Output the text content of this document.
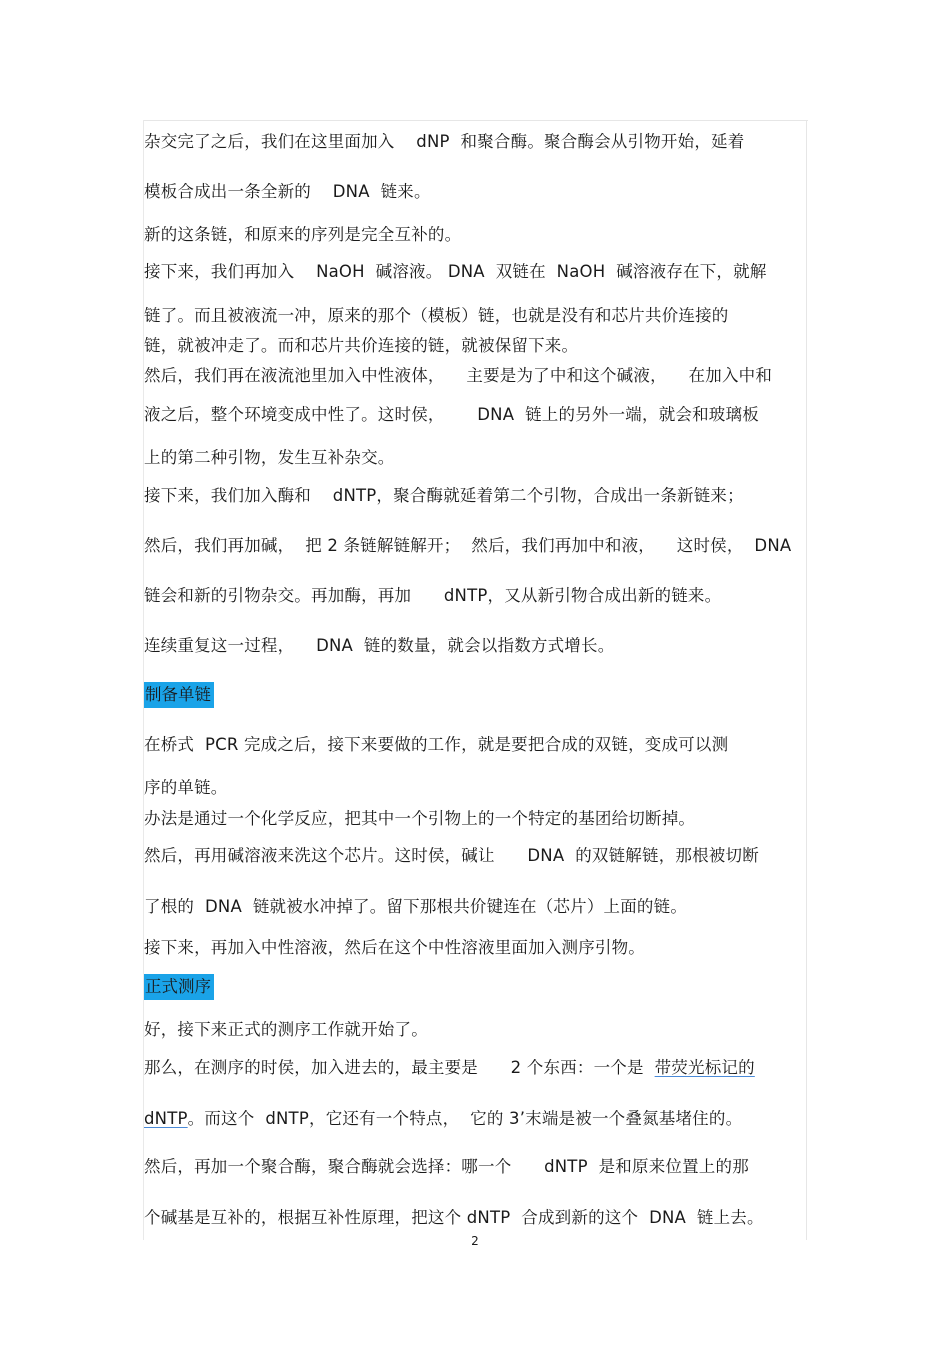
杂交完了之后，我们在这里面加入    dNP  和聚合酶。聚合酶会从引物开始，延着
模板合成出一条全新的    DNA  链来。
新的这条链，和原来的序列是完全互补的。
接下来，我们再加入    NaOH  碱溶液。 DNA  双链在  NaOH  碱溶液存在下，就解
链了。而且被液流一冲，原来的那个（模板）链，也就是没有和芯片共价连接的
链，就被冲走了。而和芯片共价连接的链，就被保留下来。
然后，我们再在液流池里加入中性液体，    主要是为了中和这个碱液，    在加入中和
液之后，整个环境变成中性了。这时侯，      DNA  链上的另外一端，就会和玻璃板
上的第二种引物，发生互补杂交。
接下来，我们加入酶和    dNTP，聚合酶就延着第二个引物，合成出一条新链来；
然后，我们再加碱，  把 2 条链解链解开；  然后，我们再加中和液，    这时侯，  DNA
链会和新的引物杂交。再加酶，再加      dNTP，又从新引物合成出新的链来。
连续重复这一过程，    DNA  链的数量，就会以指数方式增长。
制备单链
在桥式  PCR 完成之后，接下来要做的工作，就是要把合成的双链，变成可以测
序的单链。
办法是通过一个化学反应，把其中一个引物上的一个特定的基团给切断掉。
然后，再用碱溶液来洗这个芯片。这时侯，碱让      DNA  的双链解链，那根被切断
了根的  DNA  链就被水冲掉了。留下那根共价键连在（芯片）上面的链。
接下来，再加入中性溶液，然后在这个中性溶液里面加入测序引物。
正式测序
好，接下来正式的测序工作就开始了。
那么，在测序的时侯，加入进去的，最主要是      2 个东西：一个是  带荧光标记的
dNTP。而这个  dNTP，它还有一个特点，  它的 3’末端是被一个叠氮基堵住的。
然后，再加一个聚合酶，聚合酶就会选择：哪一个      dNTP  是和原来位置上的那
个碱基是互补的，根据互补性原理，把这个 dNTP  合成到新的这个  DNA  链上去。
2
